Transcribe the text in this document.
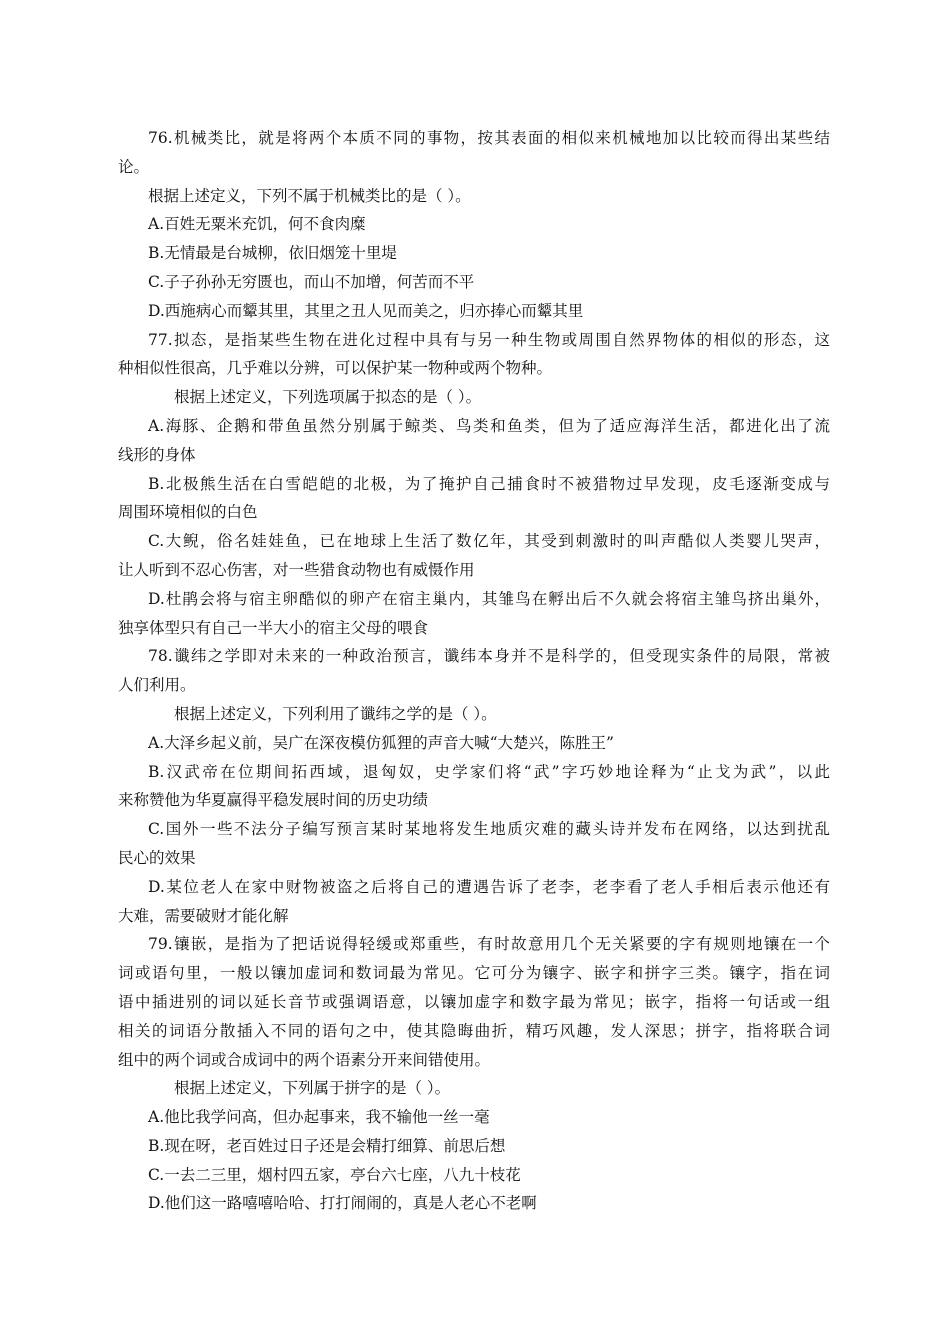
76.机械类比，就是将两个本质不同的事物，按其表面的相似来机械地加以比较而得出某些结
论。
根据上述定义，下列不属于机械类比的是（ ）。
A.百姓无粟米充饥，何不食肉糜
B.无情最是台城柳，依旧烟笼十里堤
C.子子孙孙无穷匮也，而山不加增，何苦而不平
D.西施病心而颦其里，其里之丑人见而美之，归亦捧心而颦其里
77.拟态，是指某些生物在进化过程中具有与另一种生物或周围自然界物体的相似的形态，这
种相似性很高，几乎难以分辨，可以保护某一物种或两个物种。
根据上述定义，下列选项属于拟态的是（ ）。
A.海豚、企鹅和带鱼虽然分别属于鲸类、鸟类和鱼类，但为了适应海洋生活，都进化出了流
线形的身体
B.北极熊生活在白雪皑皑的北极，为了掩护自己捕食时不被猎物过早发现，皮毛逐渐变成与
周围环境相似的白色
C.大鲵，俗名娃娃鱼，已在地球上生活了数亿年，其受到刺激时的叫声酷似人类婴儿哭声，
让人听到不忍心伤害，对一些猎食动物也有威慑作用
D.杜鹃会将与宿主卵酷似的卵产在宿主巢内，其雏鸟在孵出后不久就会将宿主雏鸟挤出巢外，
独享体型只有自己一半大小的宿主父母的喂食
78.谶纬之学即对未来的一种政治预言，谶纬本身并不是科学的，但受现实条件的局限，常被
人们利用。
根据上述定义，下列利用了谶纬之学的是（ ）。
A.大泽乡起义前，吴广在深夜模仿狐狸的声音大喊“大楚兴，陈胜王”
B.汉武帝在位期间拓西域，退匈奴，史学家们将“武”字巧妙地诠释为“止戈为武”，以此
来称赞他为华夏赢得平稳发展时间的历史功绩
C.国外一些不法分子编写预言某时某地将发生地质灾难的藏头诗并发布在网络，以达到扰乱
民心的效果
D.某位老人在家中财物被盗之后将自己的遭遇告诉了老李，老李看了老人手相后表示他还有
大难，需要破财才能化解
79.镶嵌，是指为了把话说得轻缓或郑重些，有时故意用几个无关紧要的字有规则地镶在一个
词或语句里，一般以镶加虚词和数词最为常见。它可分为镶字、嵌字和拼字三类。镶字，指在词
语中插进别的词以延长音节或强调语意，以镶加虚字和数字最为常见；嵌字，指将一句话或一组
相关的词语分散插入不同的语句之中，使其隐晦曲折，精巧风趣，发人深思；拼字，指将联合词
组中的两个词或合成词中的两个语素分开来间错使用。
根据上述定义，下列属于拼字的是（ ）。
A.他比我学问高，但办起事来，我不输他一丝一毫
B.现在呀，老百姓过日子还是会精打细算、前思后想
C.一去二三里，烟村四五家，亭台六七座，八九十枝花
D.他们这一路嘻嘻哈哈、打打闹闹的，真是人老心不老啊
